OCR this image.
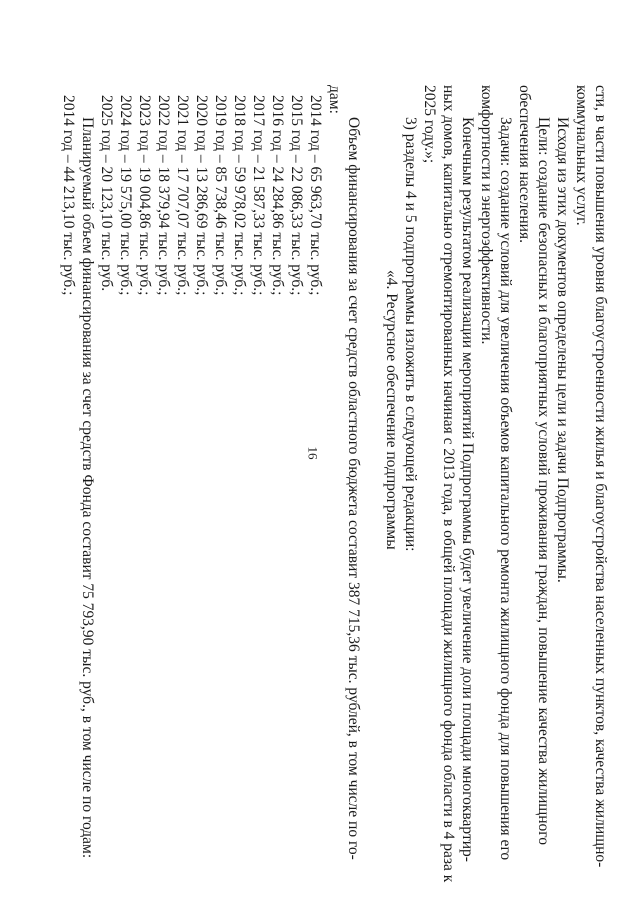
16	сти, в части повышения уровня благоустроенности жилья и благоустройства населенных пунктов, качества жилищно-
коммунальных услуг.
Исходя из этих документов определены цели и задачи Подпрограммы.
Цели: создание безопасных и благоприятных условий проживания граждан, повышение качества жилищного
обеспечения населения.
Задачи: создание условий для увеличения объемов капитального ремонта жилищного фонда для повышения его
комфортности и энергоэффективности.
Конечным результатом реализации мероприятий Подпрограммы будет увеличение доли площади многоквартир-
ных домов, капитально отремонтированных начиная с 2013 года, в общей площади жилищного фонда области в 4 раза к
2025 году.»;
3) разделы 4 и 5 подпрограммы изложить в следующей редакции:
«4. Ресурсное обеспечение подпрограммы
Объем финансирования за счет средств областного бюджета составит 387 715,36 тыс. рублей, в том числе по го-
дам:
2014 год – 65 963,70 тыс. руб.;
2015 год – 22 086,33 тыс. руб.;
2016 год – 24 284,86 тыс. руб.;
2017 год – 21 587,33 тыс. руб.;
2018 год – 59 978,02 тыс. руб.;
2019 год – 85 738,46 тыс. руб.;
2020 год – 13 286,69 тыс. руб.;
2021 год – 17 707,07 тыс. руб.;
2022 год – 18 379,94 тыс. руб.;
2023 год – 19 004,86 тыс. руб.;
2024 год – 19 575,00 тыс. руб.;
2025 год – 20 123,10 тыс. руб.
Планируемый объем финансирования за счет средств Фонда составит 75 793,90 тыс. руб., в том числе по годам:
2014 год – 44 213,10 тыс. руб.;
